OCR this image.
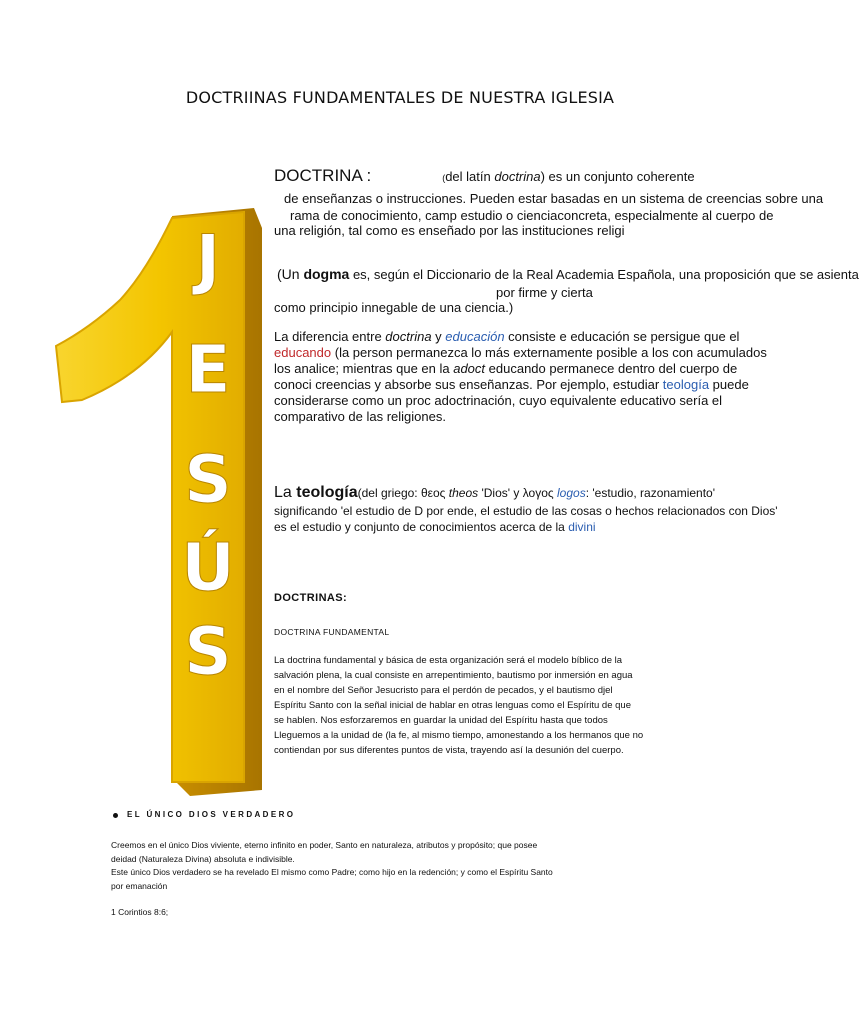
DOCTRIINAS FUNDAMENTALES DE NUESTRA IGLESIA
J
E
S
Ú
S
DOCTRINA :	(del latín doctrina) es un conjunto coherente
de enseñanzas o instrucciones. Pueden estar basadas en un sistema de creencias sobre una
rama de conocimiento, camp estudio o cienciaconcreta, especialmente al cuerpo de
una religión, tal como es enseñado por las instituciones religi
(Un dogma es, según el Diccionario de la Real Academia Española, una proposición que se asienta
por firme y cierta
como principio innegable de una ciencia.)
La diferencia entre doctrina y educación consiste e educación se persigue que el
educando (la person permanezca lo más externamente posible a los con acumulados
los analice; mientras que en la adoct educando permanece dentro del cuerpo de
conoci creencias y absorbe sus enseñanzas. Por ejemplo, estudiar teología puede
considerarse como un proc adoctrinación, cuyo equivalente educativo sería el
comparativo de las religiones.
La teología(del griego: θεος theos 'Dios' y λογος logos: 'estudio, razonamiento'
significando 'el estudio de D por ende, el estudio de las cosas o hechos relacionados con Dios'
es el estudio y conjunto de conocimientos acerca de la divini
DOCTRINAS:
DOCTRINA FUNDAMENTAL
La doctrina fundamental y básica de esta organización será el modelo bíblico de la
salvación plena, la cual consiste en arrepentimiento, bautismo por inmersión en agua
en el nombre del Señor Jesucristo para el perdón de pecados, y el bautismo djel
Espíritu Santo con la señal inicial de hablar en otras lenguas como el Espíritu de que
se hablen. Nos esforzaremos en guardar la unidad del Espíritu hasta que todos
Lleguemos a la unidad de (la fe, al mismo tiempo, amonestando a los hermanos que no
contiendan por sus diferentes puntos de vista, trayendo así la desunión del cuerpo.
EL ÚNICO DIOS VERDADERO
Creemos en el único Dios viviente, eterno infinito en poder, Santo en naturaleza, atributos y propósito; que posee
deidad (Naturaleza Divina) absoluta e indivisible.
Este único Dios verdadero se ha revelado El mismo como Padre; como hijo en la redención; y como el Espíritu Santo
por emanación
1 Corintios 8:6;
